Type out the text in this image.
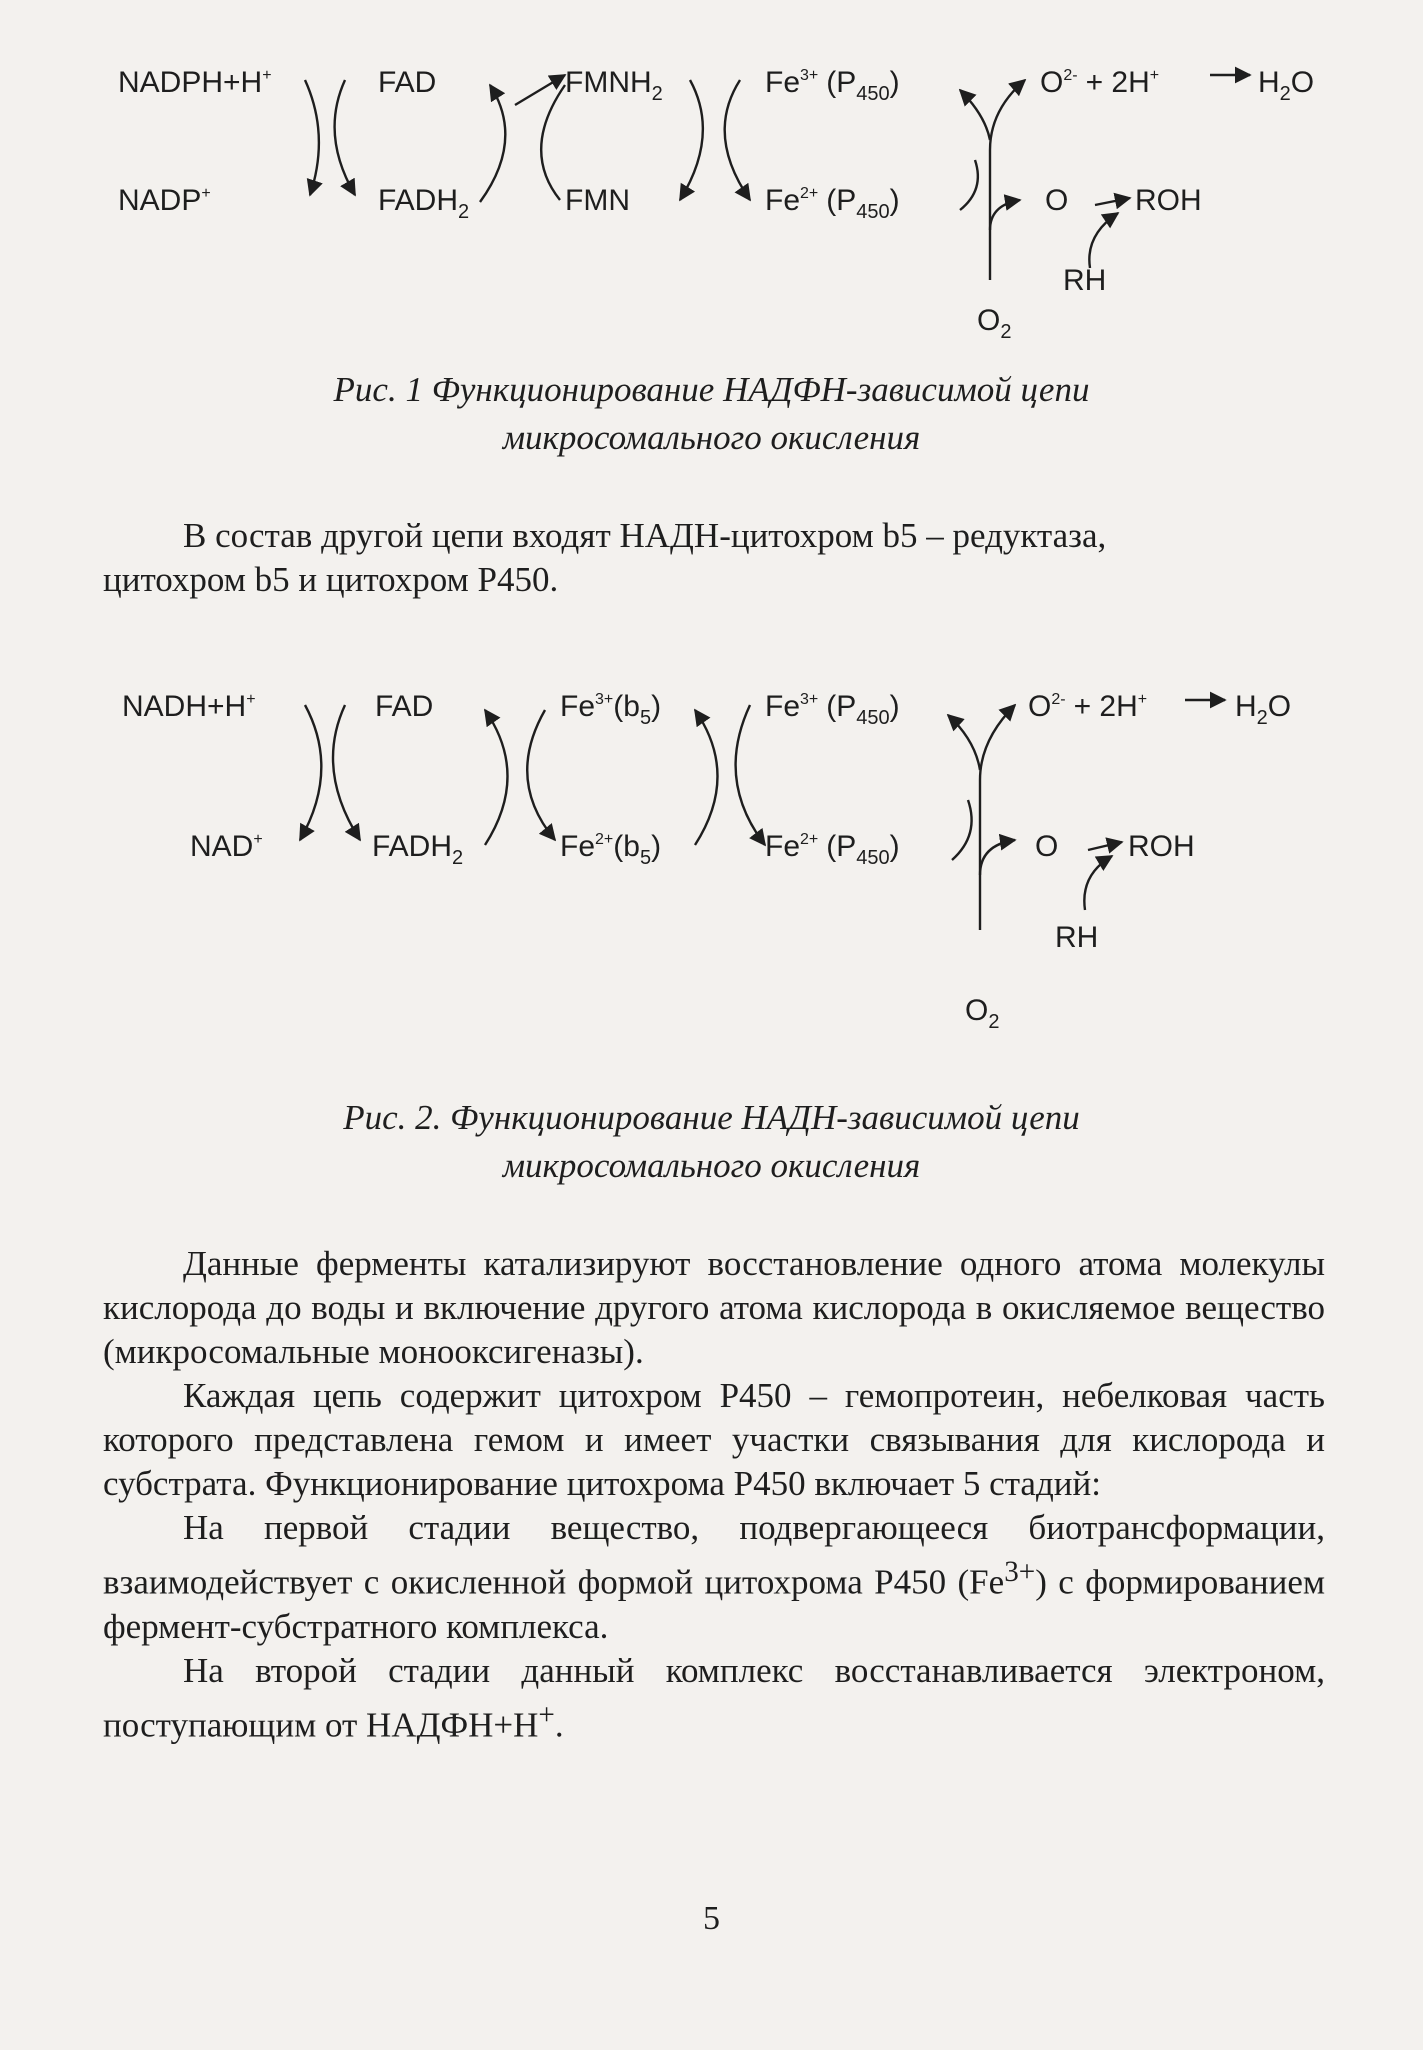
NADPH+H+
NADP+
FAD
$FADH_2$
$FMNH_2$
FMN
$Fe^{3+}$ $(P_{450})$
$Fe^{2+}$ $(P_{450})$
$O^{2-} + 2H^+$	$H_2O$
O ROH
RH
$O_2$
Рис. 1 Функционирование НАДФН-зависимой цепи
микросомального окисления
В состав другой цепи входят НАДН-цитохром b5 – редуктаза,
цитохром b5 и цитохром P450.
NADH+H+
NAD+
FAD
$FADH_2$
$Fe^{3+}(b_5)$
$Fe^{2+}(b_5)$
$Fe^{3+}$ $(P_{450})$
$Fe^{2+}$ $(P_{450})$
$O^{2-} + 2H^+$	$H_2O$
O ROH
RH
$O_2$
Рис. 2. Функционирование НАДН-зависимой цепи
микросомального окисления

Данные ферменты катализируют восстановление одного атома молекулы кислорода до воды и включение другого атома кислорода в окисляемое вещество (микросомальные монооксигеназы).

Каждая цепь содержит цитохром P450 – гемопротеин, небелковая часть которого представлена гемом и имеет участки связывания для кислорода и субстрата. Функционирование цитохрома P450 включает 5 стадий:

На первой стадии вещество, подвергающееся биотрансформации, взаимодействует с окисленной формой цитохрома P450 $(Fe^{3+})$ с формированием фермент-субстратного комплекса.

На второй стадии данный комплекс восстанавливается электроном, поступающим от НАДФН+Н+.

5
